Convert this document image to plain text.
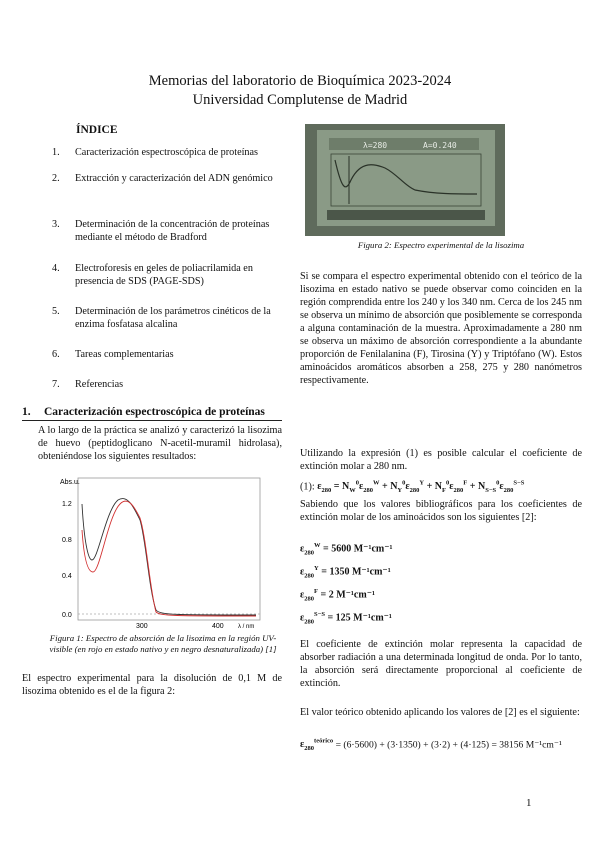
Memorias del laboratorio de Bioquímica 2023-2024
Universidad Complutense de Madrid
ÍNDICE
1.	Caracterización espectroscópica de proteínas
2.	Extracción y caracterización del ADN genómico
3.	Determinación de la concentración de proteínas mediante el método de Bradford
4.	Electroforesis en geles de poliacrilamida en presencia de SDS (PAGE-SDS)
5.	Determinación de los parámetros cinéticos de la enzima fosfatasa alcalina
6.	Tareas complementarias
7.	Referencias
1. Caracterización espectroscópica de proteínas
A lo largo de la práctica se analizó y caracterizó la lisozima de huevo (peptidoglicano N-acetil-muramil hidrolasa), obteniéndose los siguientes resultados:
Abs.u.
1.2
0.8
0.4
0.0
300	400 λ / nm
Figura 1: Espectro de absorción de la lisozima en la región UV-visible (en rojo en estado nativo y en negro desnaturalizada) [1]
El espectro experimental para la disolución de 0,1 M de lisozima obtenido es el de la figura 2:
λ=280	A=0.240
Figura 2: Espectro experimental de la lisozima
Si se compara el espectro experimental obtenido con el teórico de la lisozima en estado nativo se puede observar como coinciden en la región comprendida entre los 240 y los 340 nm. Cerca de los 245 nm se observa un mínimo de absorción que posiblemente se corresponda a alguna contaminación de la muestra. Aproximadamente a 280 nm se observa un máximo de absorción correspondiente a la abundante proporción de Fenilalanina (F), Tirosina (Y) y Triptófano (W). Estos aminoácidos aromáticos absorben a 258, 275 y 280 nanómetros respectivamente.
Utilizando la expresión (1) es posible calcular el coeficiente de extinción molar a 280 nm.
(1): $\varepsilon_{280} = N_W^0\varepsilon_{280}^W + N_Y^0\varepsilon_{280}^Y + N_F^0\varepsilon_{280}^F + N_{S-S}^0\varepsilon_{280}^{S-S}$
Sabiendo que los valores bibliográficos para los coeficientes de extinción molar de los aminoácidos son los siguientes [2]:
$\varepsilon_{280}^W = 5600$ M⁻¹cm⁻¹
$\varepsilon_{280}^Y = 1350$ M⁻¹cm⁻¹
$\varepsilon_{280}^F = 2$ M⁻¹cm⁻¹
$\varepsilon_{280}^{S-S} = 125$ M⁻¹cm⁻¹
El coeficiente de extinción molar representa la capacidad de absorber radiación a una determinada longitud de onda. Por lo tanto, la absorción será directamente proporcional al coeficiente de extinción.
El valor teórico obtenido aplicando los valores de [2] es el siguiente:
$\varepsilon_{280}^{teórico} = (6\cdot 5600) + (3\cdot 1350) + (3\cdot 2) + (4\cdot 125) = 38156$ M⁻¹cm⁻¹
1
